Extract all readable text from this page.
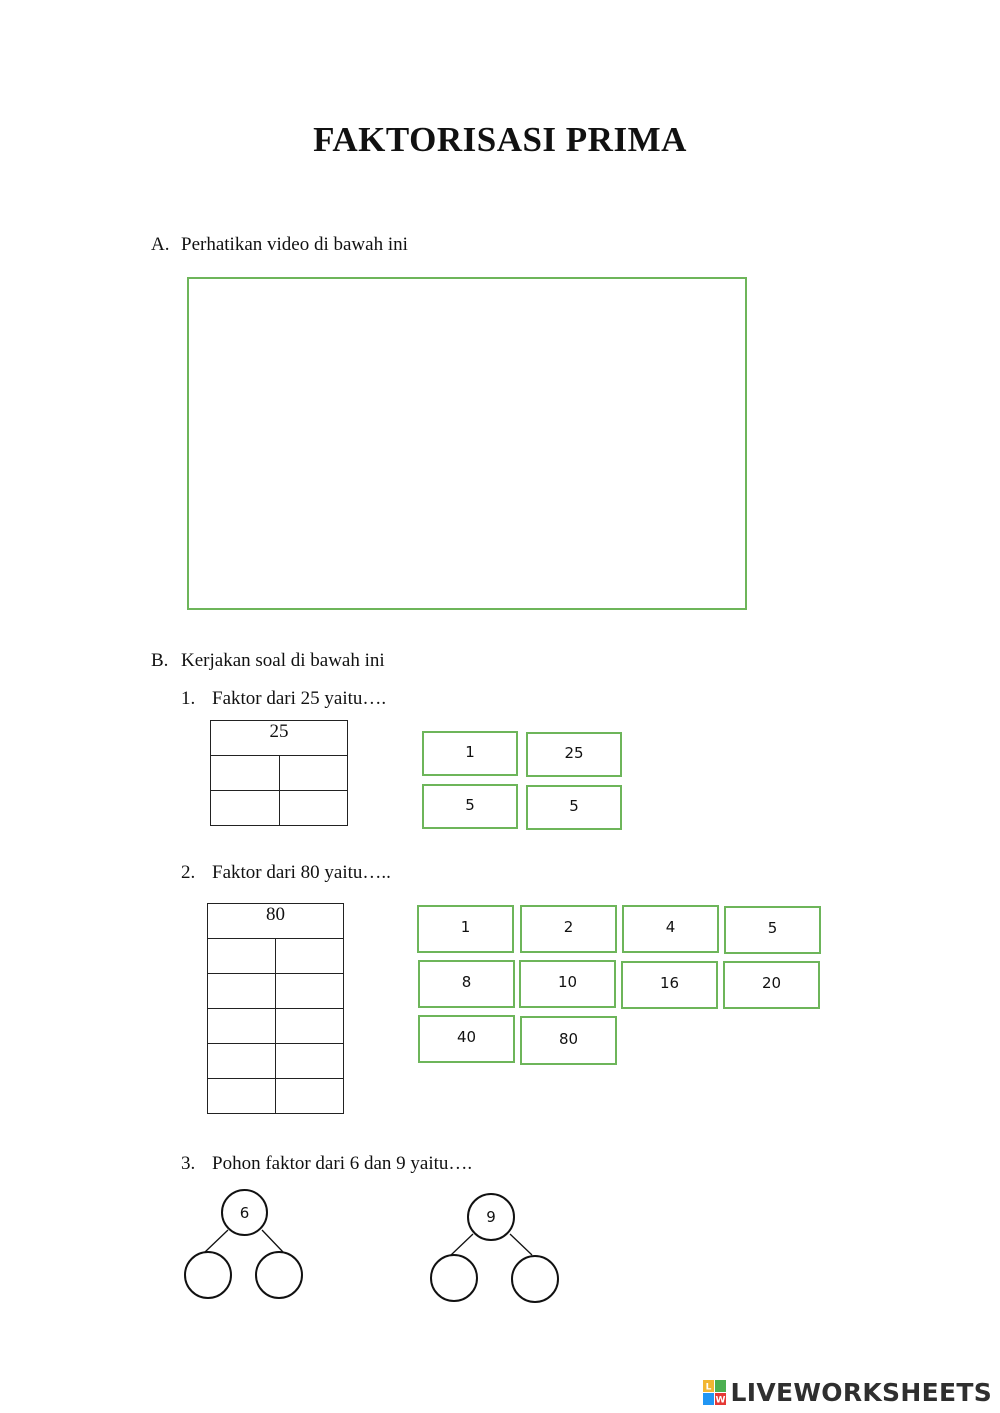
FAKTORISASI PRIMA
A. Perhatikan video di bawah ini
B. Kerjakan soal di bawah ini
1. Faktor dari 25 yaitu….
25	

1	25
5	5
2. Faktor dari 80 yaitu…..
80	

1	2	4	5
8	10	16	20
40	80
3. Pohon faktor dari 6 dan 9 yaitu….
6	9
L
W LIVEWORKSHEETS
